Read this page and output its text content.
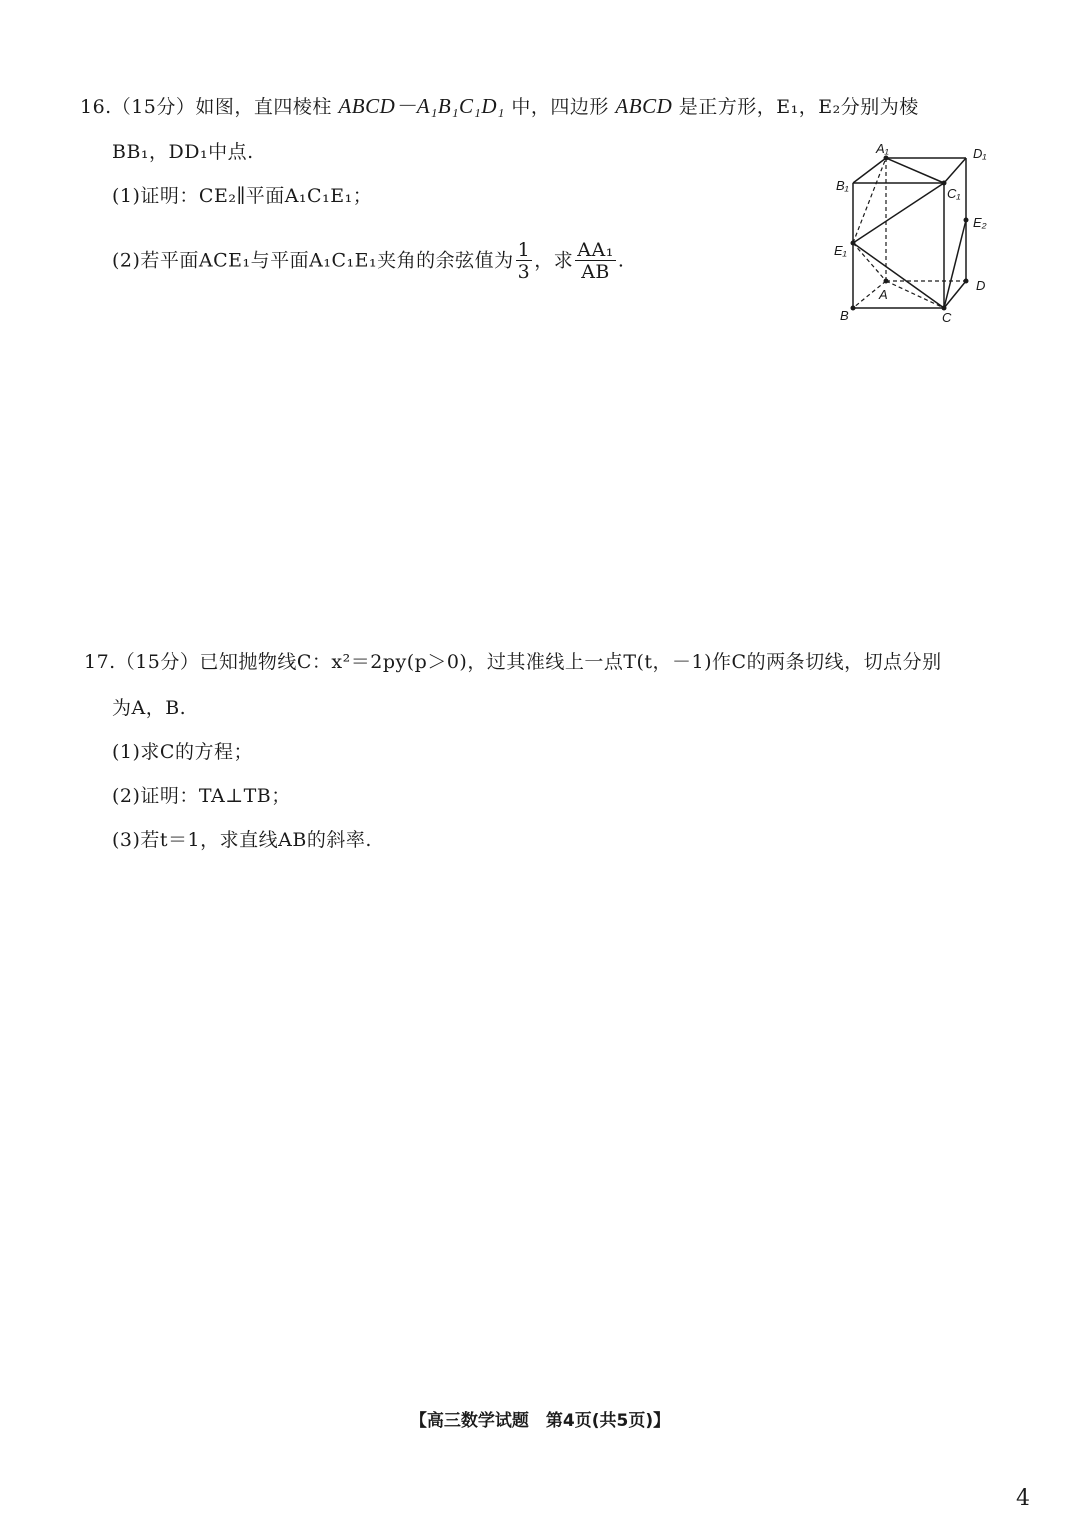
16.（15分）如图，直四棱柱 ABCD－A₁B₁C₁D₁ 中，四边形 ABCD 是正方形，E₁，E₂分别为棱
BB₁，DD₁中点.
(1)证明：CE₂∥平面A₁C₁E₁；
(2)若平面ACE₁与平面A₁C₁E₁夹角的余弦值为 $\frac{1}{3}$ ，求 $\frac{\text{AA₁}}{AB}$ .
A₁	D₁
B₁
C₁
E₂
E₁
A
D
B	C
17.（15分）已知抛物线C：x²＝2py(p＞0)，过其准线上一点T(t，－1)作C的两条切线，切点分别
为A，B.
(1)求C的方程；
(2)证明：TA⊥TB；
(3)若t＝1，求直线AB的斜率.
【高三数学试题　第4页(共5页)】
4
